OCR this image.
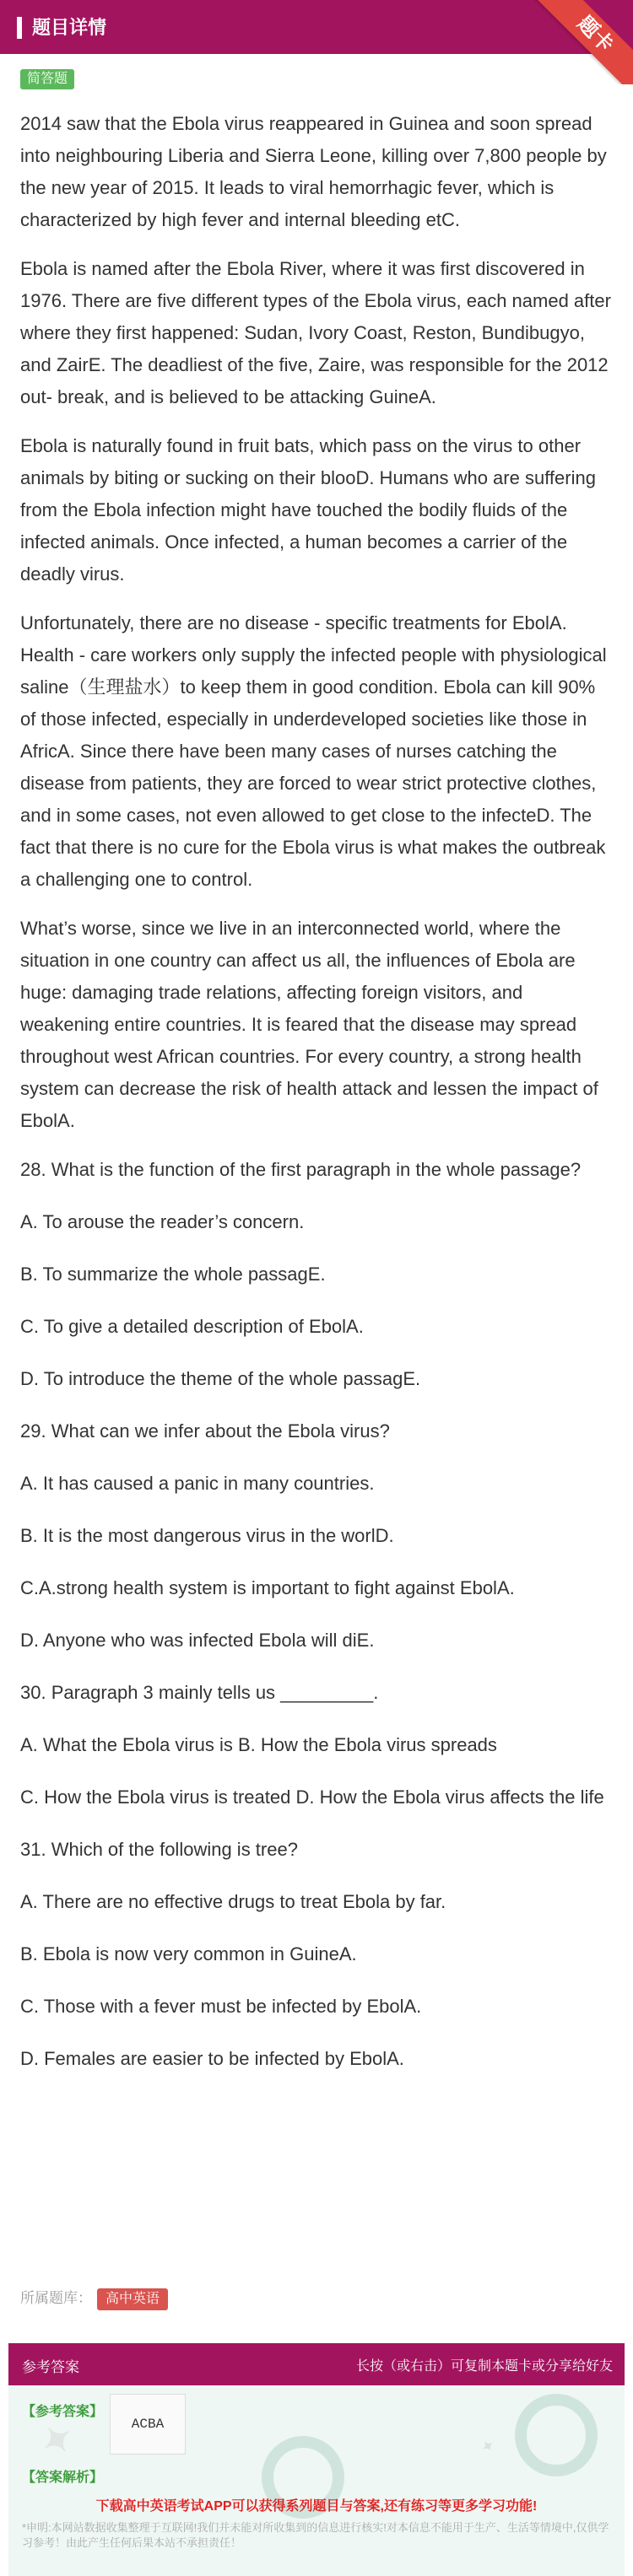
题目详情	题卡
简答题

2014 saw that the Ebola virus reappeared in Guinea and soon spread into neighbouring Liberia and Sierra Leone, killing over 7,800 people by the new year of 2015. It leads to viral hemorrhagic fever, which is characterized by high fever and internal bleeding etC.

Ebola is named after the Ebola River, where it was first discovered in 1976. There are five different types of the Ebola virus, each named after where they first happened: Sudan, Ivory Coast, Reston, Bundibugyo, and ZairE. The deadliest of the five, Zaire, was responsible for the 2012 out- break, and is believed to be attacking GuineA.

Ebola is naturally found in fruit bats, which pass on the virus to other animals by biting or sucking on their blooD. Humans who are suffering from the Ebola infection might have touched the bodily fluids of the infected animals. Once infected, a human becomes a carrier of the deadly virus.

Unfortunately, there are no disease - specific treatments for EbolA. Health - care workers only supply the infected people with physiological saline（生理盐水）to keep them in good condition. Ebola can kill 90% of those infected, especially in underdeveloped societies like those in AfricA. Since there have been many cases of nurses catching the disease from patients, they are forced to wear strict protective clothes, and in some cases, not even allowed to get close to the infecteD. The fact that there is no cure for the Ebola virus is what makes the outbreak a challenging one to control.

What’s worse, since we live in an interconnected world, where the situation in one country can affect us all, the influences of Ebola are huge: damaging trade relations, affecting foreign visitors, and weakening entire countries. It is feared that the disease may spread throughout west African countries. For every country, a strong health system can decrease the risk of health attack and lessen the impact of EbolA.

28. What is the function of the first paragraph in the whole passage?

A. To arouse the reader’s concern.

B. To summarize the whole passagE.

C. To give a detailed description of EbolA.

D. To introduce the theme of the whole passagE.

29. What can we infer about the Ebola virus?

A. It has caused a panic in many countries.

B. It is the most dangerous virus in the worlD.

C.A.strong health system is important to fight against EbolA.

D. Anyone who was infected Ebola will diE.

30. Paragraph 3 mainly tells us _________.

A. What the Ebola virus is B. How the Ebola virus spreads

C. How the Ebola virus is treated D. How the Ebola virus affects the life

31. Which of the following is tree?

A. There are no effective drugs to treat Ebola by far.

B. Ebola is now very common in GuineA.

C. Those with a fever must be infected by EbolA.

D. Females are easier to be infected by EbolA.

所属题库： 高中英语
参考答案	长按（或右击）可复制本题卡或分享给好友
✦	✦
【参考答案】
ACBA
【答案解析】
下载高中英语考试APP可以获得系列题目与答案,还有练习等更多学习功能!
*申明:本网站数据收集整理于互联网!我们并未能对所收集到的信息进行核实!对本信息不能用于生产、生活等情境中,仅供学习参考！由此产生任何后果本站不承担责任！
